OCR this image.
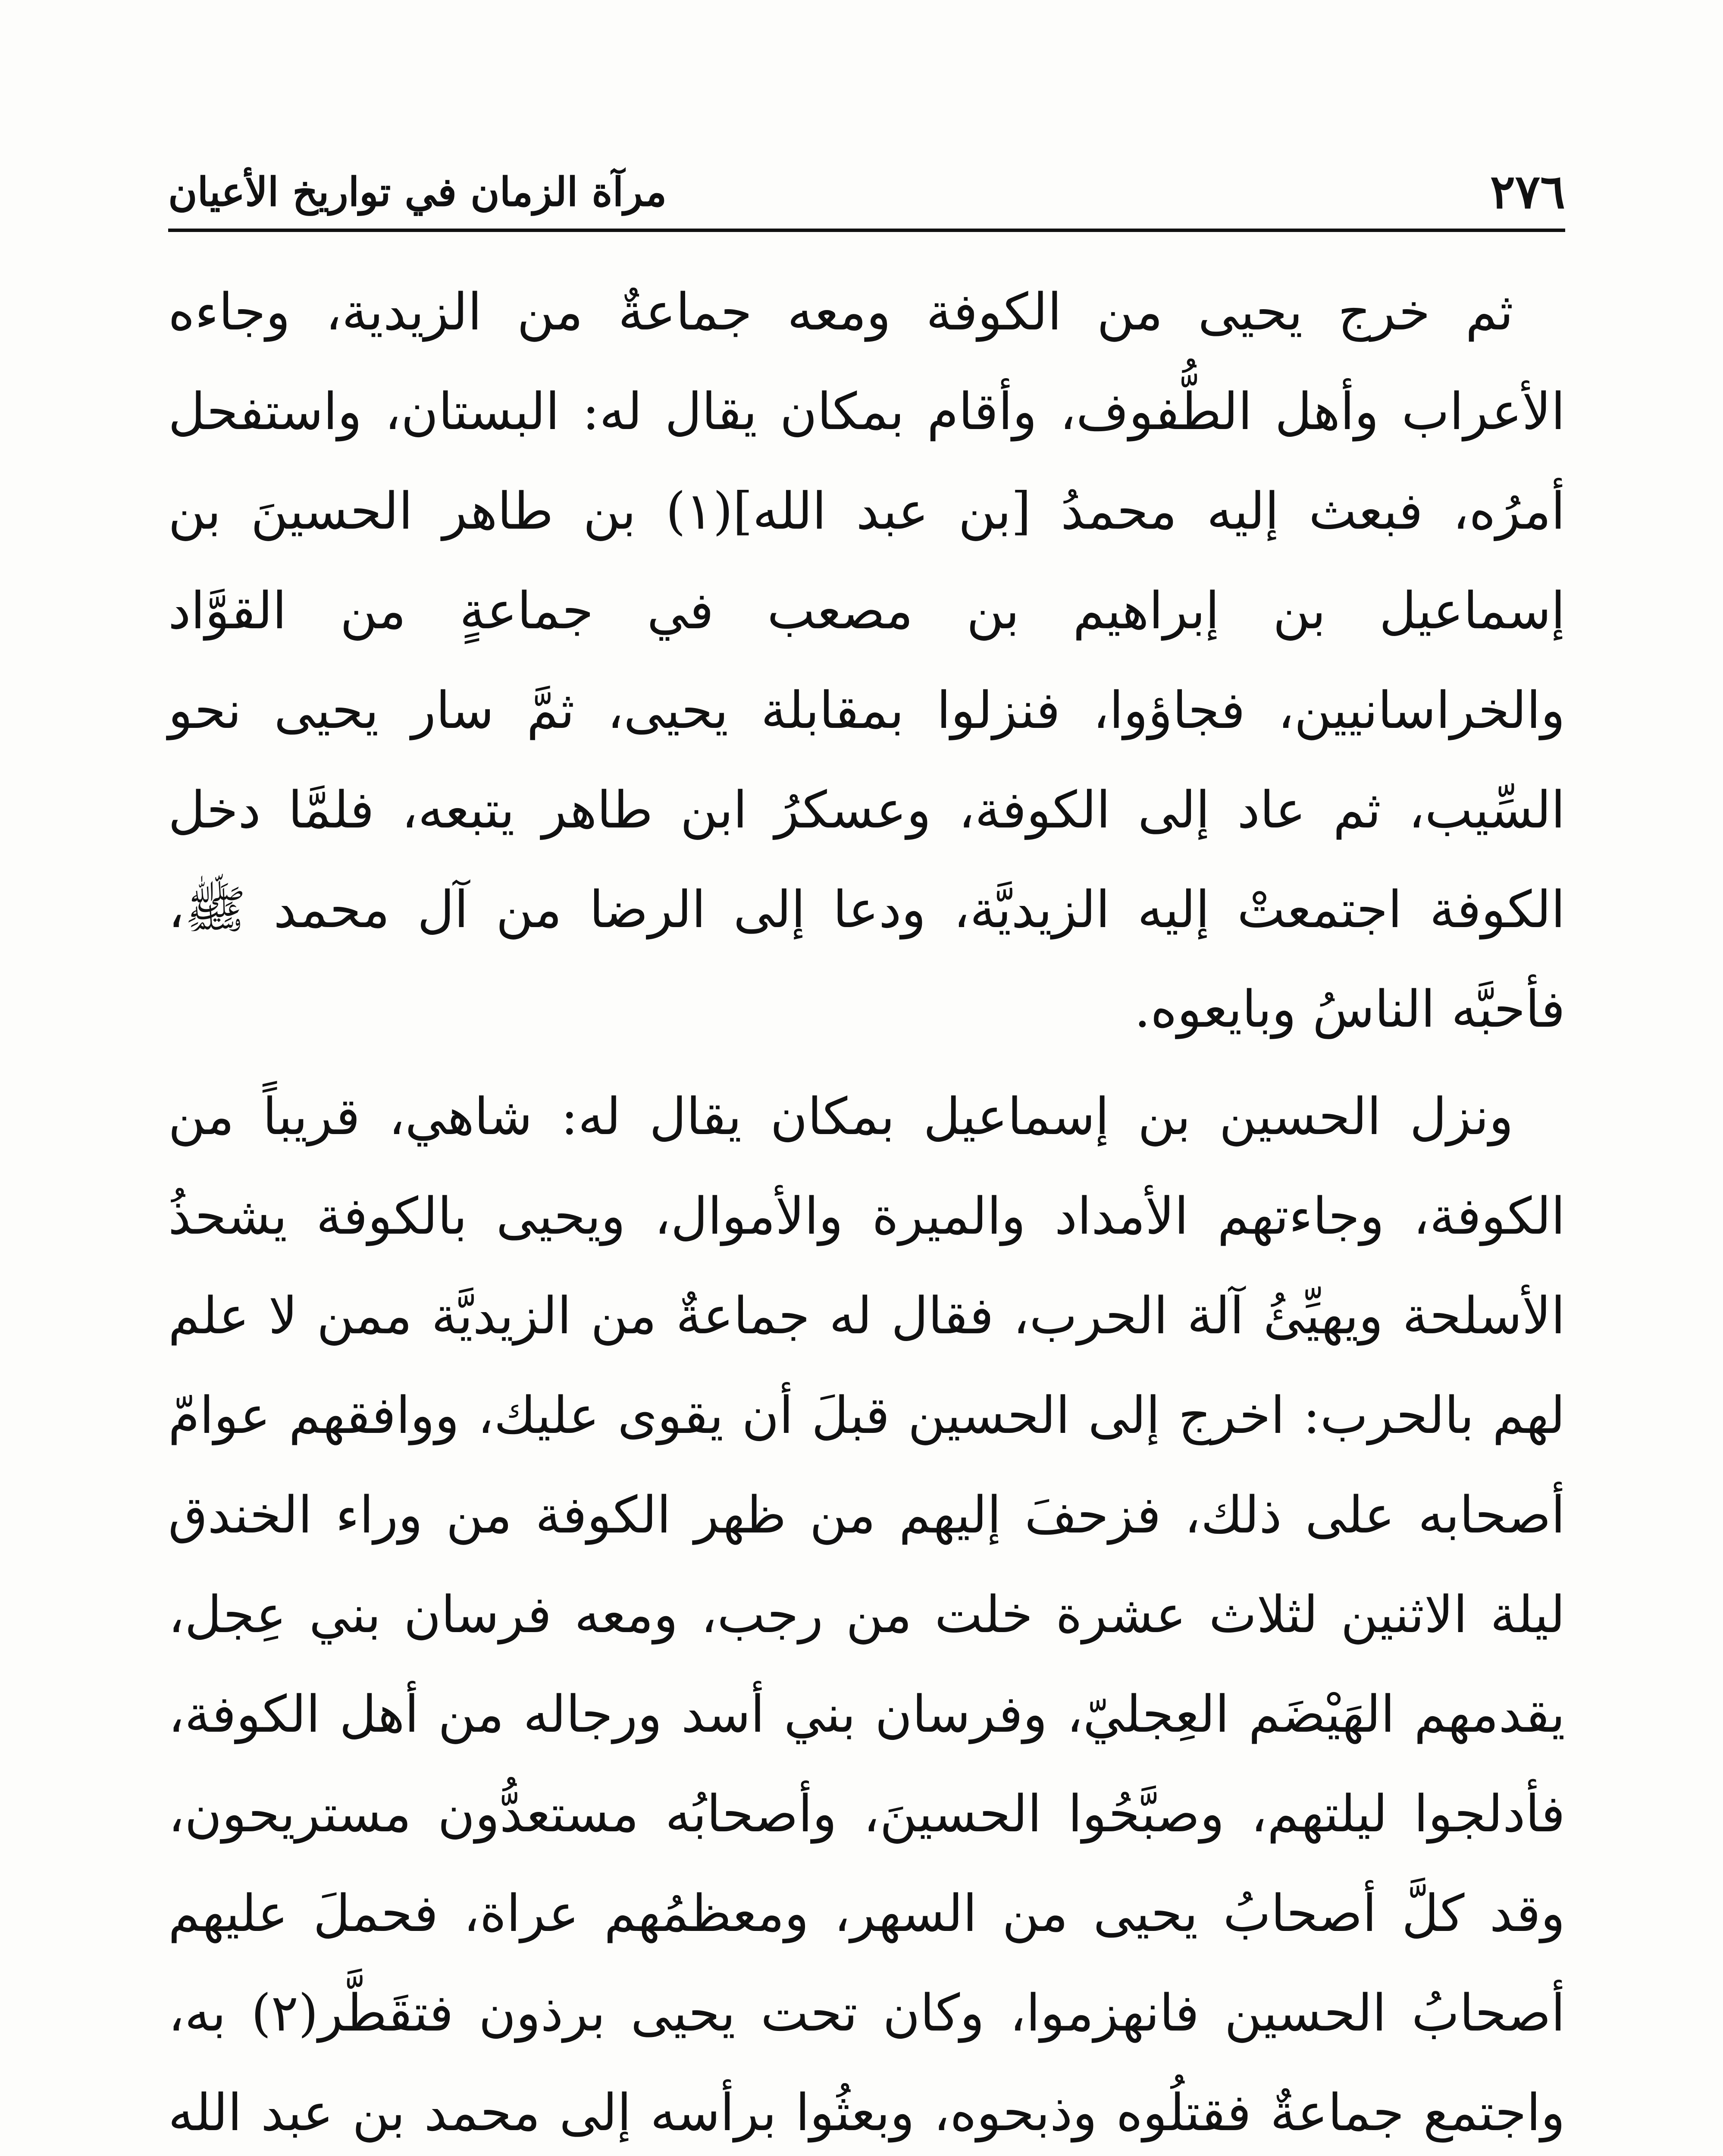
٢٧٦
مرآة الزمان في تواريخ الأعيان

ثم خرج يحيى من الكوفة ومعه جماعةٌ من الزيدية، وجاءه الأعراب وأهل الطُّفوف، وأقام بمكان يقال له: البستان، واستفحل أمرُه، فبعث إليه محمدُ [بن عبد الله](١) بن طاهر الحسينَ بن إسماعيل بن إبراهيم بن مصعب في جماعةٍ من القوَّاد والخراسانيين، فجاؤوا، فنزلوا بمقابلة يحيى، ثمَّ سار يحيى نحو السِّيب، ثم عاد إلى الكوفة، وعسكرُ ابن طاهر يتبعه، فلمَّا دخل الكوفة اجتمعتْ إليه الزيديَّة، ودعا إلى الرضا من آل محمد ﷺ، فأحبَّه الناسُ وبايعوه.

ونزل الحسين بن إسماعيل بمكان يقال له: شاهي، قريباً من الكوفة، وجاءتهم الأمداد والميرة والأموال، ويحيى بالكوفة يشحذُ الأسلحة ويهيِّئُ آلة الحرب، فقال له جماعةٌ من الزيديَّة ممن لا علم لهم بالحرب: اخرج إلى الحسين قبلَ أن يقوى عليك، ووافقهم عوامّ أصحابه على ذلك، فزحفَ إليهم من ظهر الكوفة من وراء الخندق ليلة الاثنين لثلاث عشرة خلت من رجب، ومعه فرسان بني عِجل، يقدمهم الهَيْضَم العِجليّ، وفرسان بني أسد ورجاله من أهل الكوفة، فأدلجوا ليلتهم، وصبَّحُوا الحسينَ، وأصحابُه مستعدُّون مستريحون، وقد كلَّ أصحابُ يحيى من السهر، ومعظمُهم عراة، فحملَ عليهم أصحابُ الحسين فانهزموا، وكان تحت يحيى برذون فتقَطَّر(٢) به، واجتمع جماعةٌ فقتلُوه وذبحوه، وبعثُوا برأسه إلى محمد بن عبد الله
